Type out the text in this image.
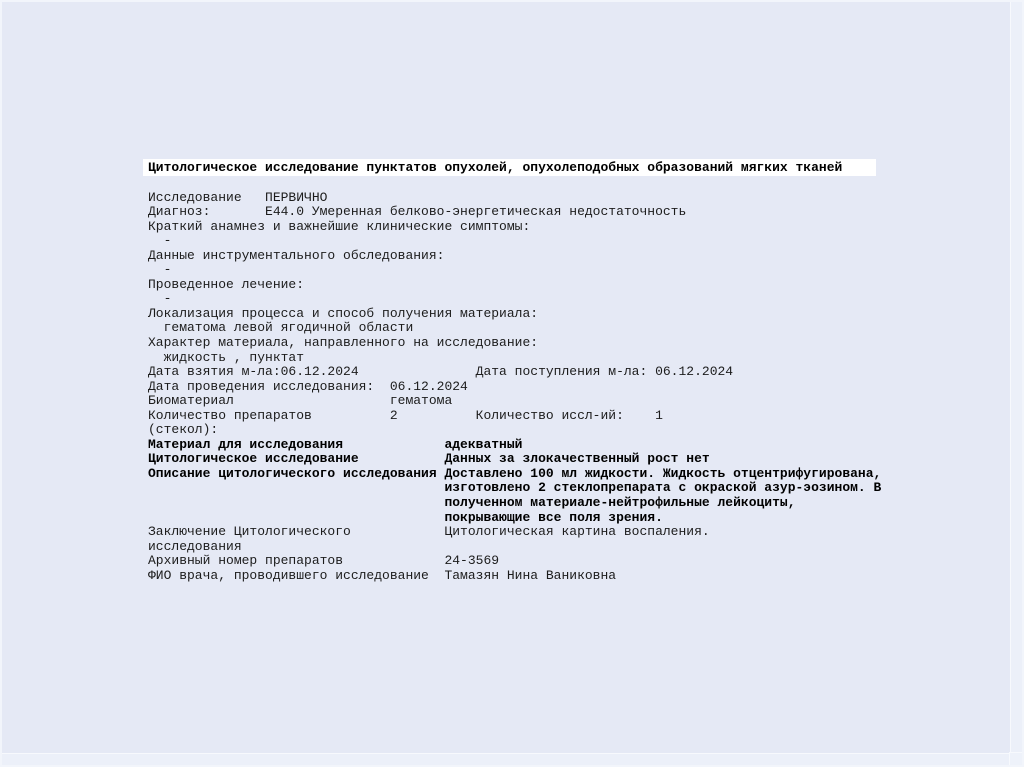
Цитологическое исследование пунктатов опухолей, опухолеподобных образований мягких тканей
Исследование   ПЕРВИЧНО
Диагноз:       E44.0 Умеренная белково-энергетическая недостаточность
Краткий анамнез и важнейшие клинические симптомы:
-
Данные инструментального обследования:
-
Проведенное лечение:
-
Локализация процесса и способ получения материала:
гематома левой ягодичной области
Характер материала, направленного на исследование:
жидкость , пунктат
Дата взятия м-ла:06.12.2024               Дата поступления м-ла: 06.12.2024
Дата проведения исследования:  06.12.2024
Биоматериал                    гематома
Количество препаратов          2          Количество иссл-ий:    1
(стекол):
Материал для исследования             адекватный
Цитологическое исследование           Данных за злокачественный рост нет
Описание цитологического исследования Доставлено 100 мл жидкости. Жидкость отцентрифугирована,
изготовлено 2 стеклопрепарата с окраской азур-эозином. В
полученном материале-нейтрофильные лейкоциты,
покрывающие все поля зрения.
Заключение Цитологического            Цитологическая картина воспаления.
исследования
Архивный номер препаратов             24-3569
ФИО врача, проводившего исследование  Тамазян Нина Ваниковна
